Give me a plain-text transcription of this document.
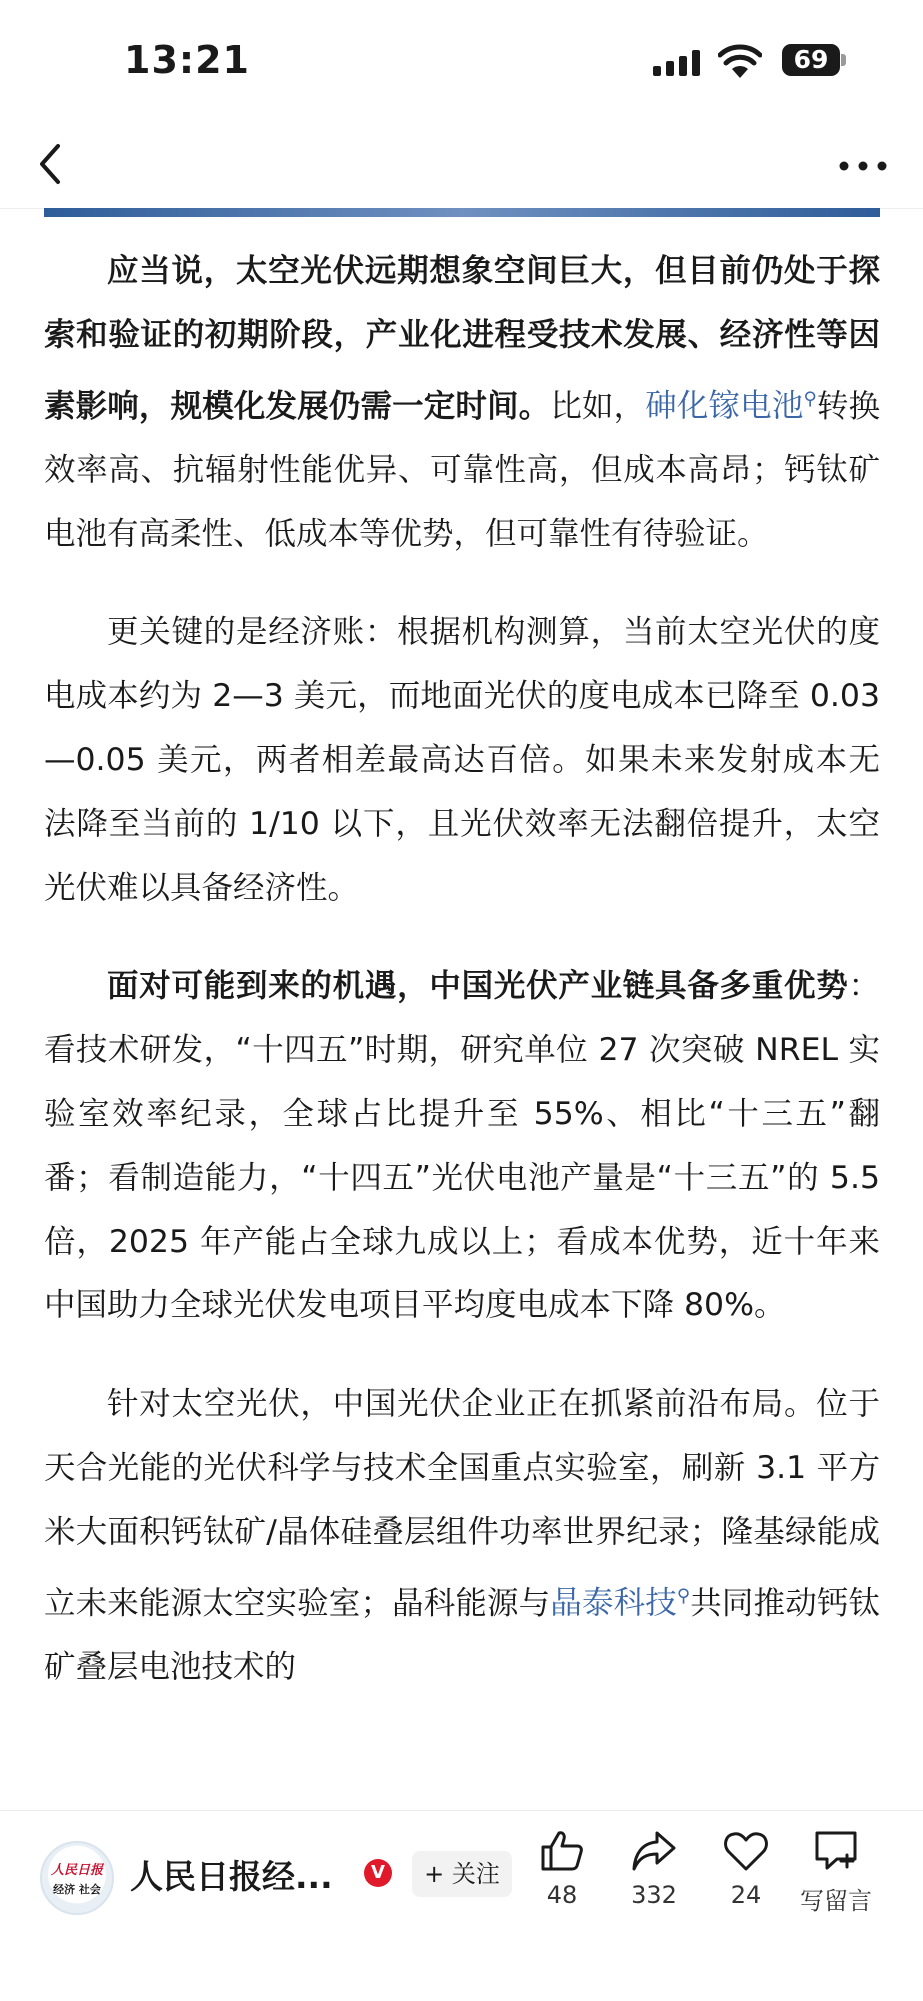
13:21	69

应当说，太空光伏远期想象空间巨大，但目前仍处于探索和验证的初期阶段，产业化进程受技术发展、经济性等因素影响，规模化发展仍需一定时间。比如，砷化镓电池⚲转换效率高、抗辐射性能优异、可靠性高，但成本高昂；钙钛矿电池有高柔性、低成本等优势，但可靠性有待验证。

更关键的是经济账：根据机构测算，当前太空光伏的度电成本约为 2—3 美元，而地面光伏的度电成本已降至 0.03—0.05 美元，两者相差最高达百倍。如果未来发射成本无法降至当前的 1/10 以下，且光伏效率无法翻倍提升，太空光伏难以具备经济性。

面对可能到来的机遇，中国光伏产业链具备多重优势：看技术研发，“十四五”时期，研究单位 27 次突破 NREL 实验室效率纪录，全球占比提升至 55%、相比“十三五”翻番；看制造能力，“十四五”光伏电池产量是“十三五”的 5.5 倍，2025 年产能占全球九成以上；看成本优势，近十年来中国助力全球光伏发电项目平均度电成本下降 80%。

针对太空光伏，中国光伏企业正在抓紧前沿布局。位于天合光能的光伏科学与技术全国重点实验室，刷新 3.1 平方米大面积钙钛矿/晶体硅叠层组件功率世界纪录；隆基绿能成立未来能源太空实验室；晶科能源与晶泰科技⚲共同推动钙钛矿叠层电池技术的

人民日报
经济 社会 人民日报经...	V	+ 关注
48	332	24	写留言
